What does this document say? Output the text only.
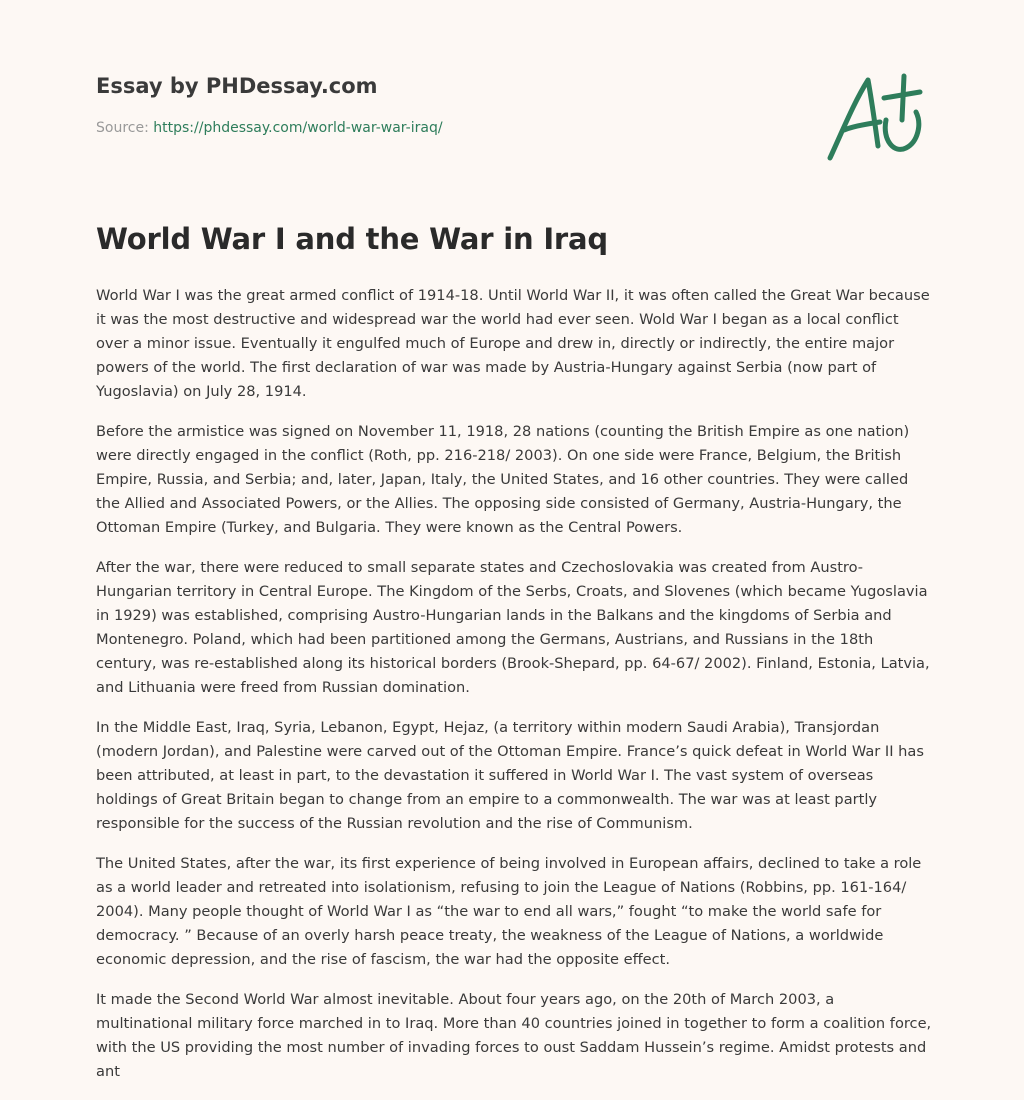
Essay by PHDessay.com
Source: https://phdessay.com/world-war-war-iraq/
World War I and the War in Iraq

World War I was the great armed conflict of 1914-18. Until World War II, it was often called the Great War because it was the most destructive and widespread war the world had ever seen. Wold War I began as a local conflict over a minor issue. Eventually it engulfed much of Europe and drew in, directly or indirectly, the entire major powers of the world. The first declaration of war was made by Austria-Hungary against Serbia (now part of Yugoslavia) on July 28, 1914.

Before the armistice was signed on November 11, 1918, 28 nations (counting the British Empire as one nation) were directly engaged in the conflict (Roth, pp. 216-218/ 2003). On one side were France, Belgium, the British Empire, Russia, and Serbia; and, later, Japan, Italy, the United States, and 16 other countries. They were called the Allied and Associated Powers, or the Allies. The opposing side consisted of Germany, Austria-Hungary, the Ottoman Empire (Turkey, and Bulgaria. They were known as the Central Powers.

After the war, there were reduced to small separate states and Czechoslovakia was created from Austro-Hungarian territory in Central Europe. The Kingdom of the Serbs, Croats, and Slovenes (which became Yugoslavia in 1929) was established, comprising Austro-Hungarian lands in the Balkans and the kingdoms of Serbia and Montenegro. Poland, which had been partitioned among the Germans, Austrians, and Russians in the 18th century, was re-established along its historical borders (Brook-Shepard, pp. 64-67/ 2002). Finland, Estonia, Latvia, and Lithuania were freed from Russian domination.

In the Middle East, Iraq, Syria, Lebanon, Egypt, Hejaz, (a territory within modern Saudi Arabia), Transjordan (modern Jordan), and Palestine were carved out of the Ottoman Empire. France’s quick defeat in World War II has been attributed, at least in part, to the devastation it suffered in World War I. The vast system of overseas holdings of Great Britain began to change from an empire to a commonwealth. The war was at least partly responsible for the success of the Russian revolution and the rise of Communism.

The United States, after the war, its first experience of being involved in European affairs, declined to take a role as a world leader and retreated into isolationism, refusing to join the League of Nations (Robbins, pp. 161-164/ 2004). Many people thought of World War I as “the war to end all wars,” fought “to make the world safe for democracy. ” Because of an overly harsh peace treaty, the weakness of the League of Nations, a worldwide economic depression, and the rise of fascism, the war had the opposite effect.

It made the Second World War almost inevitable. About four years ago, on the 20th of March 2003, a multinational military force marched in to Iraq. More than 40 countries joined in together to form a coalition force, with the US providing the most number of invading forces to oust Saddam Hussein’s regime. Amidst protests and ant
